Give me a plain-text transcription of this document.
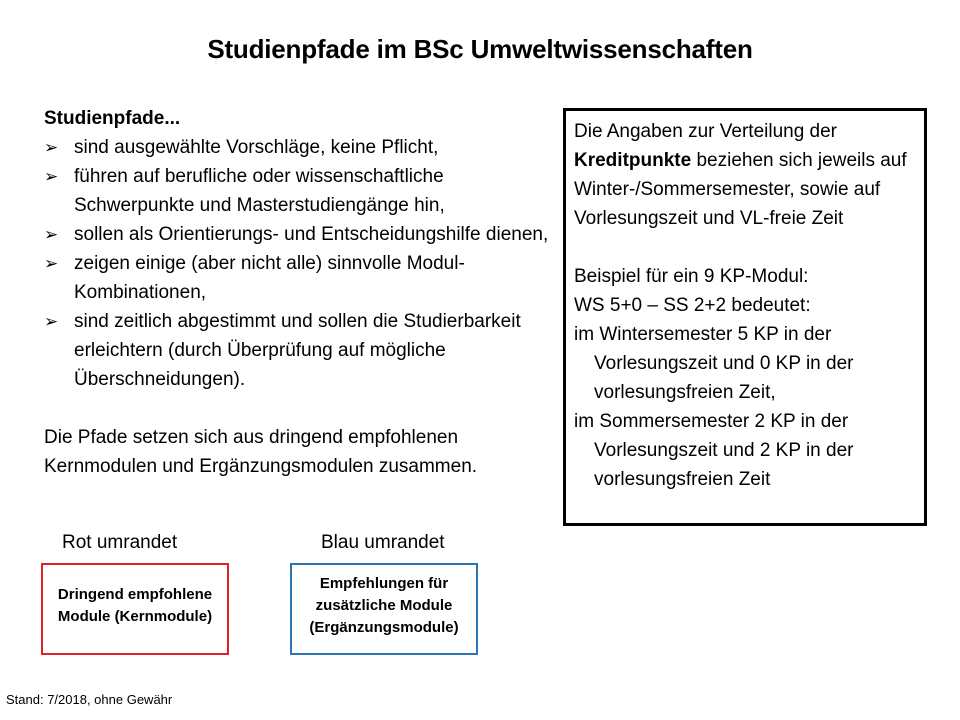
Studienpfade im BSc Umweltwissenschaften
Studienpfade...
➢ sind ausgewählte Vorschläge, keine Pflicht,
➢ führen auf berufliche oder wissenschaftliche Schwerpunkte und Masterstudiengänge hin,
➢ sollen als Orientierungs- und Entscheidungshilfe dienen,
➢ zeigen einige (aber nicht alle) sinnvolle Modul-Kombinationen,
➢ sind zeitlich abgestimmt und sollen die Studierbarkeit erleichtern (durch Überprüfung auf mögliche Überschneidungen).
Die Pfade setzen sich aus dringend empfohlenen Kernmodulen und Ergänzungsmodulen zusammen.

Die Angaben zur Verteilung der Kreditpunkte beziehen sich jeweils auf Winter-/Sommersemester, sowie auf Vorlesungszeit und VL-freie Zeit

Beispiel für ein 9 KP-Modul:

WS 5+0 – SS 2+2 bedeutet:

im Wintersemester 5 KP in der

Vorlesungszeit und 0 KP in der vorlesungsfreien Zeit,

im Sommersemester 2 KP in der

Vorlesungszeit und 2 KP in der vorlesungsfreien Zeit

Rot umrandet	Blau umrandet
Dringend empfohlene Module (Kernmodule)
Empfehlungen für zusätzliche Module (Ergänzungsmodule)
Stand: 7/2018, ohne Gewähr
